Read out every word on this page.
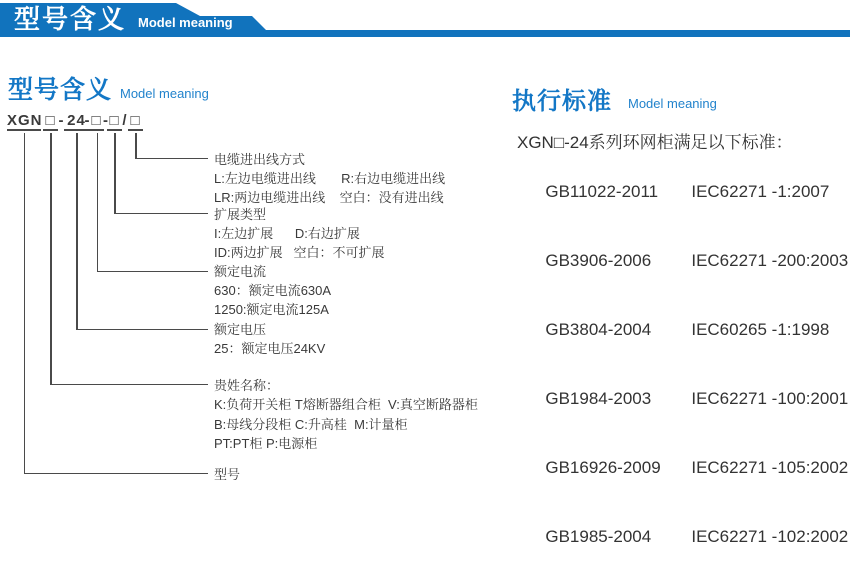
型号含义 Model meaning
型号含义 Model meaning
XGN □ - 24
- □ - □ / □
电缆进出线方式
L:左边电缆进出线       R:右边电缆进出线
LR:两边电缆进出线    空白：没有进出线
扩展类型
I:左边扩展      D:右边扩展
ID:两边扩展   空白：不可扩展
额定电流
630：额定电流630A
1250:额定电流125A
额定电压
25：额定电压24KV
贵姓名称：
K:负荷开关柜 T熔断器组合柜  V:真空断路器柜
B:母线分段柜 C:升高桂  M:计量柜
PT:PT柜 P:电源柜
型号
执行标准 Model meaning
XGN□-24系列环网柜满足以下标准：

GB11022-2011 IEC62271 -1:2007

GB3906-2006 IEC62271 -200:2003

GB3804-2004 IEC60265 -1:1998

GB1984-2003 IEC62271 -100:2001

GB16926-2009 IEC62271 -105:2002

GB1985-2004 IEC62271 -102:2002
